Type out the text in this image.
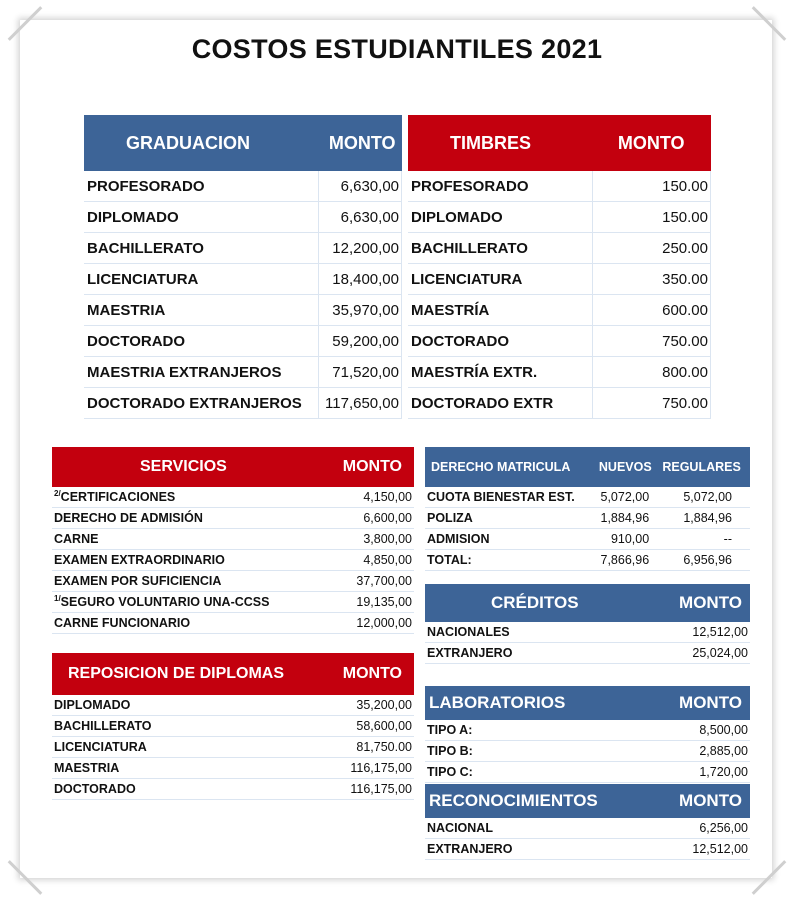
COSTOS ESTUDIANTILES 2021
GRADUACION	MONTO
PROFESORADO	6,630,00
DIPLOMADO	6,630,00
BACHILLERATO	12,200,00
LICENCIATURA	18,400,00
MAESTRIA	35,970,00
DOCTORADO	59,200,00
MAESTRIA EXTRANJEROS	71,520,00
DOCTORADO EXTRANJEROS	117,650,00
TIMBRES	MONTO
PROFESORADO	150.00
DIPLOMADO	150.00
BACHILLERATO	250.00
LICENCIATURA	350.00
MAESTRÍA	600.00
DOCTORADO	750.00
MAESTRÍA EXTR.	800.00
DOCTORADO EXTR	750.00
SERVICIOS	MONTO
$^{2/}$CERTIFICACIONES	4,150,00
DERECHO DE ADMISIÓN	6,600,00
CARNE	3,800,00
EXAMEN EXTRAORDINARIO	4,850,00
EXAMEN POR SUFICIENCIA	37,700,00
$^{1/}$SEGURO VOLUNTARIO UNA-CCSS	19,135,00
CARNE FUNCIONARIO	12,000,00
REPOSICION DE DIPLOMAS	MONTO
DIPLOMADO	35,200,00
BACHILLERATO	58,600,00
LICENCIATURA	81,750.00
MAESTRIA	116,175,00
DOCTORADO	116,175,00
DERECHO MATRICULA	NUEVOS	REGULARES
CUOTA BIENESTAR EST.	5,072,00	5,072,00
POLIZA	1,884,96	1,884,96
ADMISION	910,00	--
TOTAL:	7,866,96	6,956,96
CRÉDITOS	MONTO
NACIONALES	12,512,00
EXTRANJERO	25,024,00
LABORATORIOS	MONTO
TIPO A:	8,500,00
TIPO B:	2,885,00
TIPO C:	1,720,00
RECONOCIMIENTOS	MONTO
NACIONAL	6,256,00
EXTRANJERO	12,512,00
